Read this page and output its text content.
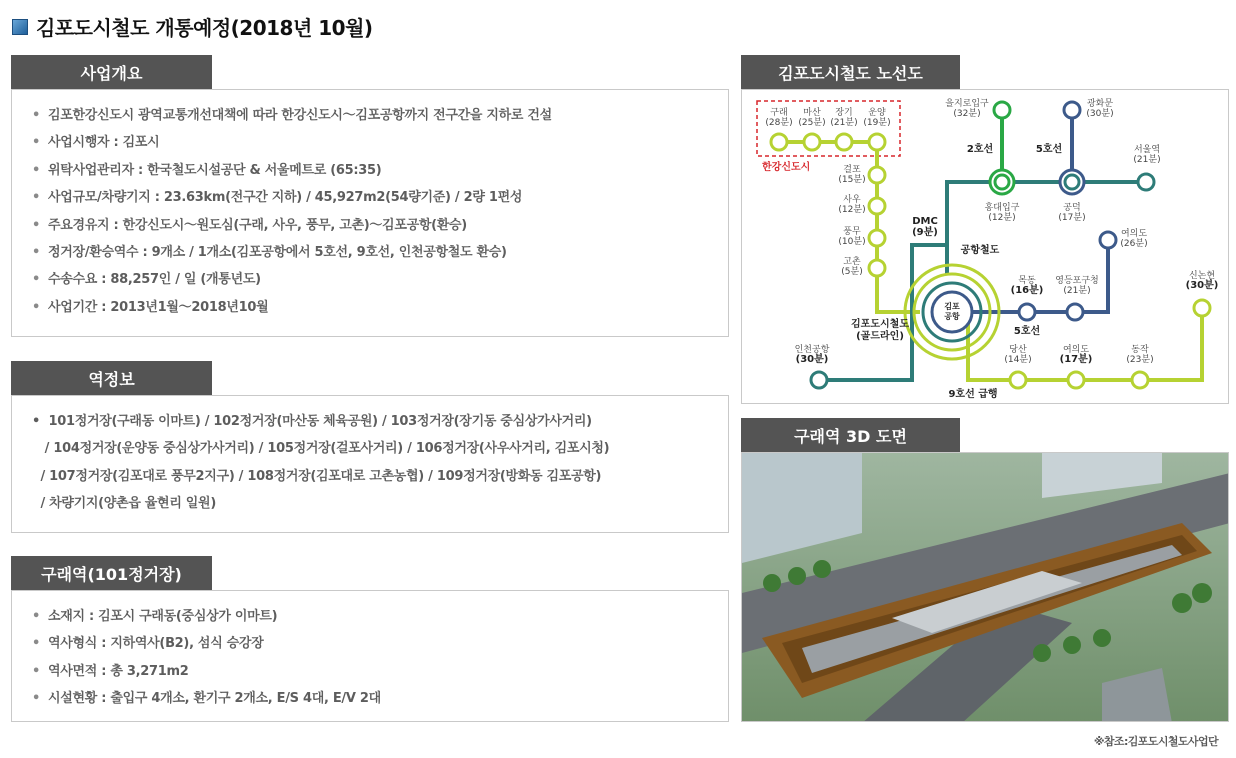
김포도시철도 개통예정(2018년 10월)
사업개요
• 김포한강신도시 광역교통개선대책에 따라 한강신도시～김포공항까지 전구간을 지하로 건설
• 사업시행자 : 김포시
• 위탁사업관리자 : 한국철도시설공단 & 서울메트로 (65:35)
• 사업규모/차량기지 : 23.63km(전구간 지하) / 45,927m2(54량기준) / 2량 1편성
• 주요경유지 : 한강신도시～원도심(구래, 사우, 풍무, 고촌)～김포공항(환승)
• 정거장/환승역수 : 9개소 / 1개소(김포공항에서 5호선, 9호선, 인천공항철도 환승)
• 수송수요 : 88,257인 / 일 (개통년도)
• 사업기간 : 2013년1월～2018년10월
역정보
•  101정거장(구래동 이마트) / 102정거장(마산동 체육공원) / 103정거장(장기동 중심상가사거리)
/ 104정거장(운양동 중심상가사거리) / 105정거장(걸포사거리) / 106정거장(사우사거리, 김포시청)
/ 107정거장(김포대로 풍무2지구) / 108정거장(김포대로 고촌농협) / 109정거장(방화동 김포공항)
/ 차량기지(양촌읍 율현리 일원)
구래역(101정거장)
• 소재지 : 김포시 구래동(중심상가 이마트)
• 역사형식 : 지하역사(B2), 섬식 승강장
• 역사면적 : 총 3,271m2
• 시설현황 : 출입구 4개소, 환기구 2개소, E/S 4대, E/V 2대
김포도시철도 노선도
한강신도시
김포
공항
구래
(28분)
마산
(25분)
장기
(21분)
운양
(19분)
걸포
(15분)
사우
(12분)
풍무
(10분)
고촌
(5분)
을지로입구
(32분)
광화문
(30분)
2호선	5호선	서울역
(21분)
홍대입구
(12분)
공덕
(17분)
DMC
(9분)
공항철도
여의도
(26분)
목동
(16분)
영등포구청
(21분)
신논현
(30분)
김포도시철도
(골드라인)	5호선
인천공항
(30분)
당산
(14분)
여의도
(17분)
동작
(23분)
9호선 급행
구래역 3D 도면
※참조:김포도시철도사업단
